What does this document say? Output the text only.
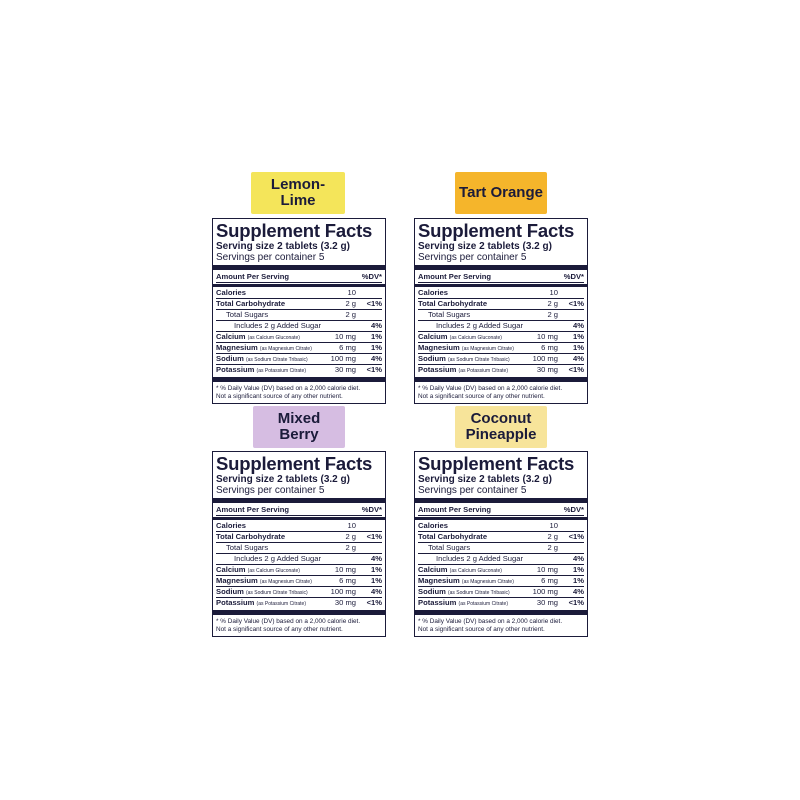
Lemon-
Lime
Supplement Facts
Serving size 2 tablets (3.2 g)
Servings per container 5
Amount Per Serving	%DV*
Calories	10
Total Carbohydrate	2 g	<1%
Total Sugars	2 g
Includes 2 g Added Sugar	4%
Calcium (as Calcium Gluconate)	10 mg	1%
Magnesium (as Magnesium Citrate)	6 mg	1%
Sodium (as Sodium Citrate Tribasic)	100 mg	4%
Potassium (as Potassium Citrate)	30 mg	<1%
* % Daily Value (DV) based on a 2,000 calorie diet.
Not a significant source of any other nutrient.
Tart Orange
Supplement Facts
Serving size 2 tablets (3.2 g)
Servings per container 5
Amount Per Serving	%DV*
Calories	10
Total Carbohydrate	2 g	<1%
Total Sugars	2 g
Includes 2 g Added Sugar	4%
Calcium (as Calcium Gluconate)	10 mg	1%
Magnesium (as Magnesium Citrate)	6 mg	1%
Sodium (as Sodium Citrate Tribasic)	100 mg	4%
Potassium (as Potassium Citrate)	30 mg	<1%
* % Daily Value (DV) based on a 2,000 calorie diet.
Not a significant source of any other nutrient.
Mixed
Berry
Supplement Facts
Serving size 2 tablets (3.2 g)
Servings per container 5
Amount Per Serving	%DV*
Calories	10
Total Carbohydrate	2 g	<1%
Total Sugars	2 g
Includes 2 g Added Sugar	4%
Calcium (as Calcium Gluconate)	10 mg	1%
Magnesium (as Magnesium Citrate)	6 mg	1%
Sodium (as Sodium Citrate Tribasic)	100 mg	4%
Potassium (as Potassium Citrate)	30 mg	<1%
* % Daily Value (DV) based on a 2,000 calorie diet.
Not a significant source of any other nutrient.
Coconut
Pineapple
Supplement Facts
Serving size 2 tablets (3.2 g)
Servings per container 5
Amount Per Serving	%DV*
Calories	10
Total Carbohydrate	2 g	<1%
Total Sugars	2 g
Includes 2 g Added Sugar	4%
Calcium (as Calcium Gluconate)	10 mg	1%
Magnesium (as Magnesium Citrate)	6 mg	1%
Sodium (as Sodium Citrate Tribasic)	100 mg	4%
Potassium (as Potassium Citrate)	30 mg	<1%
* % Daily Value (DV) based on a 2,000 calorie diet.
Not a significant source of any other nutrient.
